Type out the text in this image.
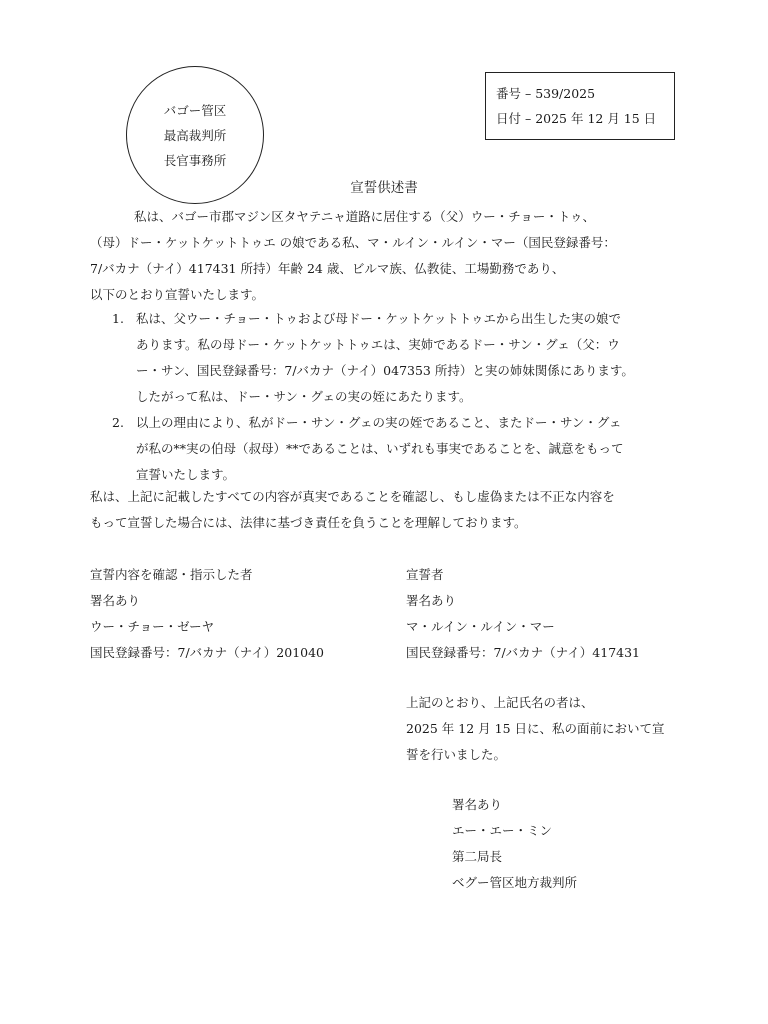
バゴー管区
最高裁判所
長官事務所
番号 – 539/2025
日付 – 2025 年 12 月 15 日
宣誓供述書
私は、バゴー市郡マジン区タヤテニャ道路に居住する（父）ウー・チョー・トゥ、
（母）ドー・ケットケットトゥエ の娘である私、マ・ルイン・ルイン・マー（国民登録番号：
7/バカナ（ナイ）417431 所持）年齢 24 歳、ビルマ族、仏教徒、工場勤務であり、
以下のとおり宣誓いたします。
1. 私は、父ウー・チョー・トゥおよび母ドー・ケットケットトゥエから出生した実の娘で
あります。私の母ドー・ケットケットトゥエは、実姉であるドー・サン・グェ（父：ウ
ー・サン、国民登録番号：7/バカナ（ナイ）047353 所持）と実の姉妹関係にあります。
したがって私は、ドー・サン・グェの実の姪にあたります。
2. 以上の理由により、私がドー・サン・グェの実の姪であること、またドー・サン・グェ
が私の**実の伯母（叔母）**であることは、いずれも事実であることを、誠意をもって
宣誓いたします。
私は、上記に記載したすべての内容が真実であることを確認し、もし虚偽または不正な内容を
もって宣誓した場合には、法律に基づき責任を負うことを理解しております。
宣誓内容を確認・指示した者
署名あり
ウー・チョー・ゼーヤ
国民登録番号：7/バカナ（ナイ）201040
宣誓者
署名あり
マ・ルイン・ルイン・マー
国民登録番号：7/バカナ（ナイ）417431
上記のとおり、上記氏名の者は、
2025 年 12 月 15 日に、私の面前において宣
誓を行いました。
署名あり
エー・エー・ミン
第二局長
ベグー管区地方裁判所
